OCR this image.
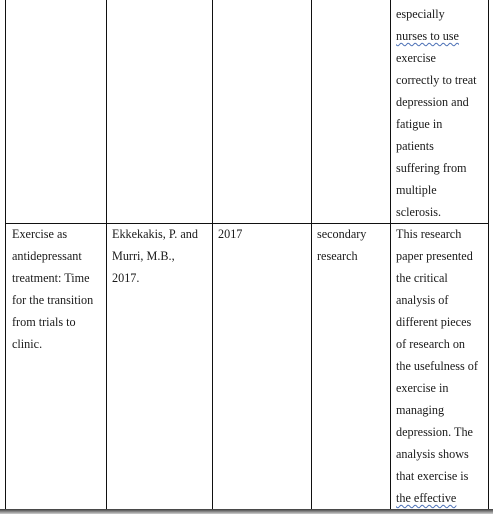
especially
nurses to use
exercise
correctly to treat
depression and
fatigue in
patients
suffering from
multiple
sclerosis.
Exercise as
antidepressant
treatment: Time
for the transition
from trials to
clinic.
Ekkekakis, P. and
Murri, M.B.,
2017.
2017	secondary
research
This research
paper presented
the critical
analysis of
different pieces
of research on
the usefulness of
exercise in
managing
depression. The
analysis shows
that exercise is
the effective
